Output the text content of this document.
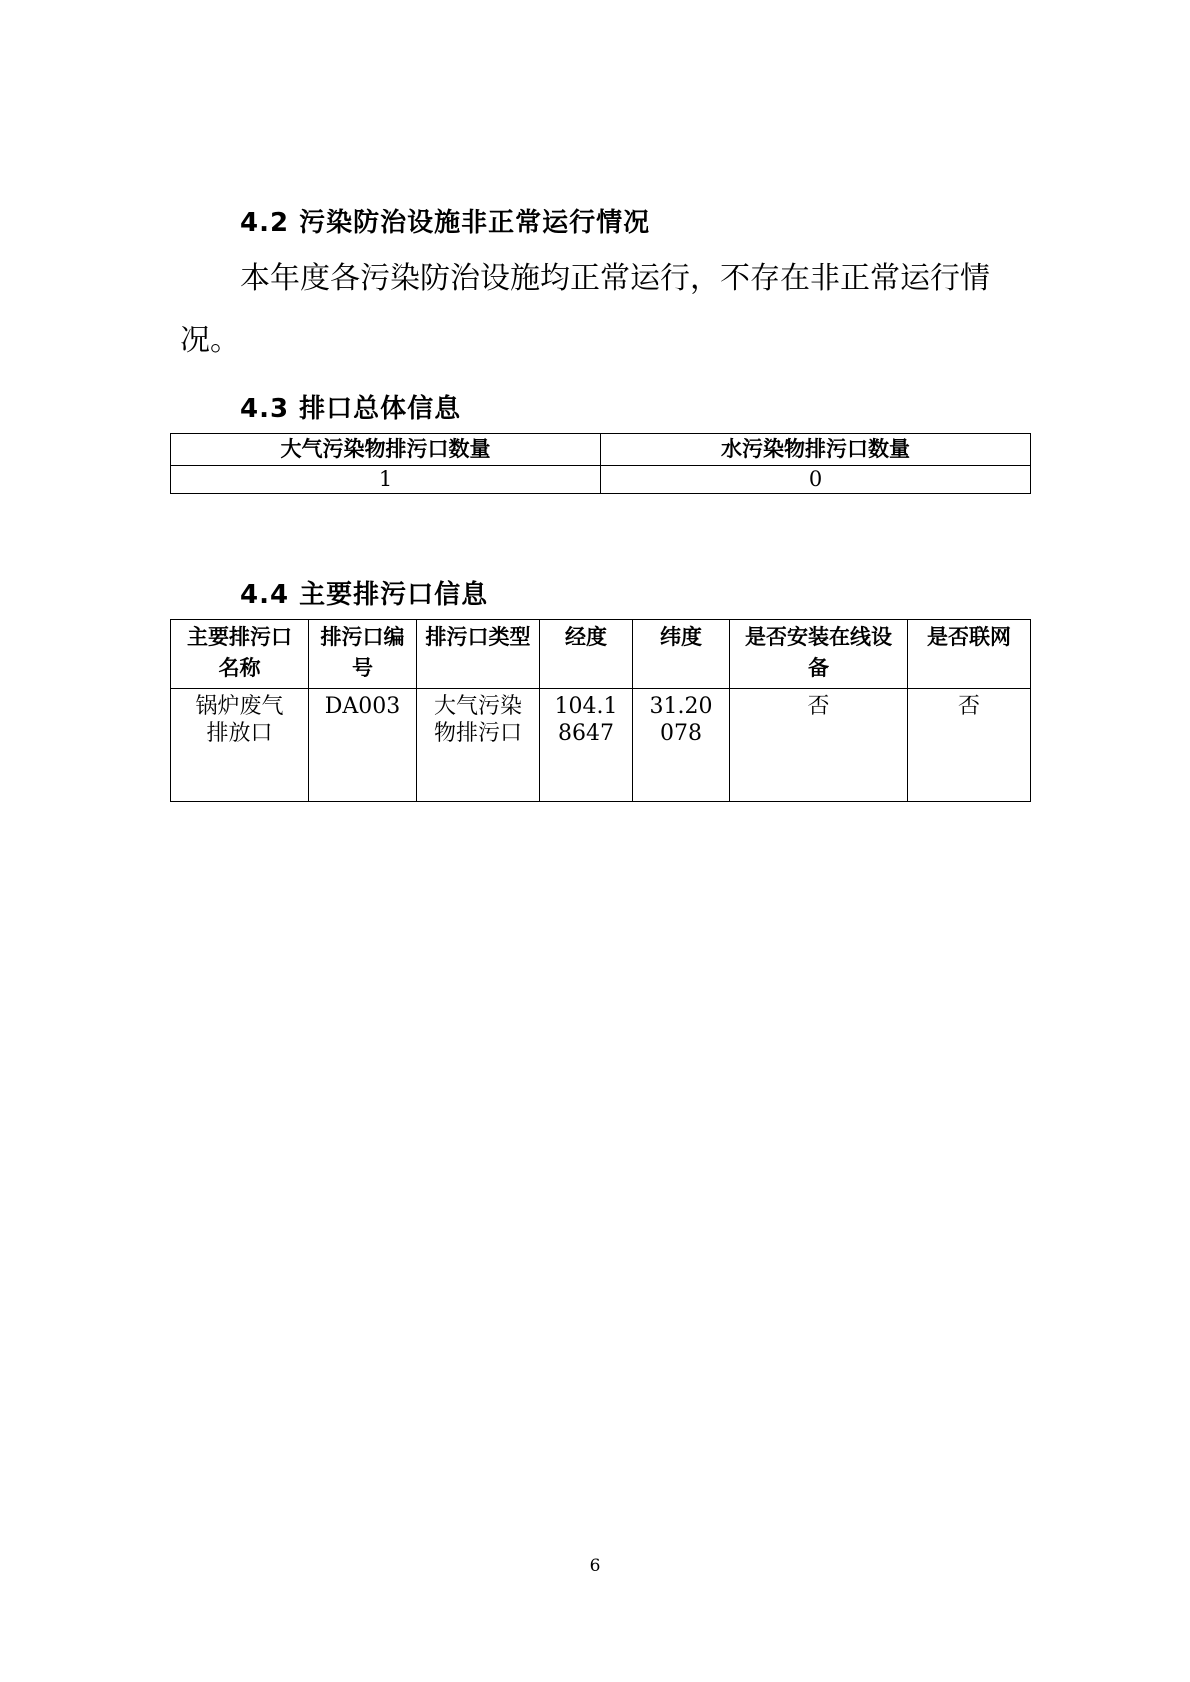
4.2 污染防治设施非正常运行情况

本年度各污染防治设施均正常运行，不存在非正常运行情况。

4.3 排口总体信息
大气污染物排污口数量	水污染物排污口数量
1	0
4.4 主要排污口信息
主要排污口名称	排污口编号	排污口类型	经度	纬度	是否安装在线设备	是否联网
锅炉废气排放口	DA003	大气污染物排污口	104.18647	31.20078	否	否
6
